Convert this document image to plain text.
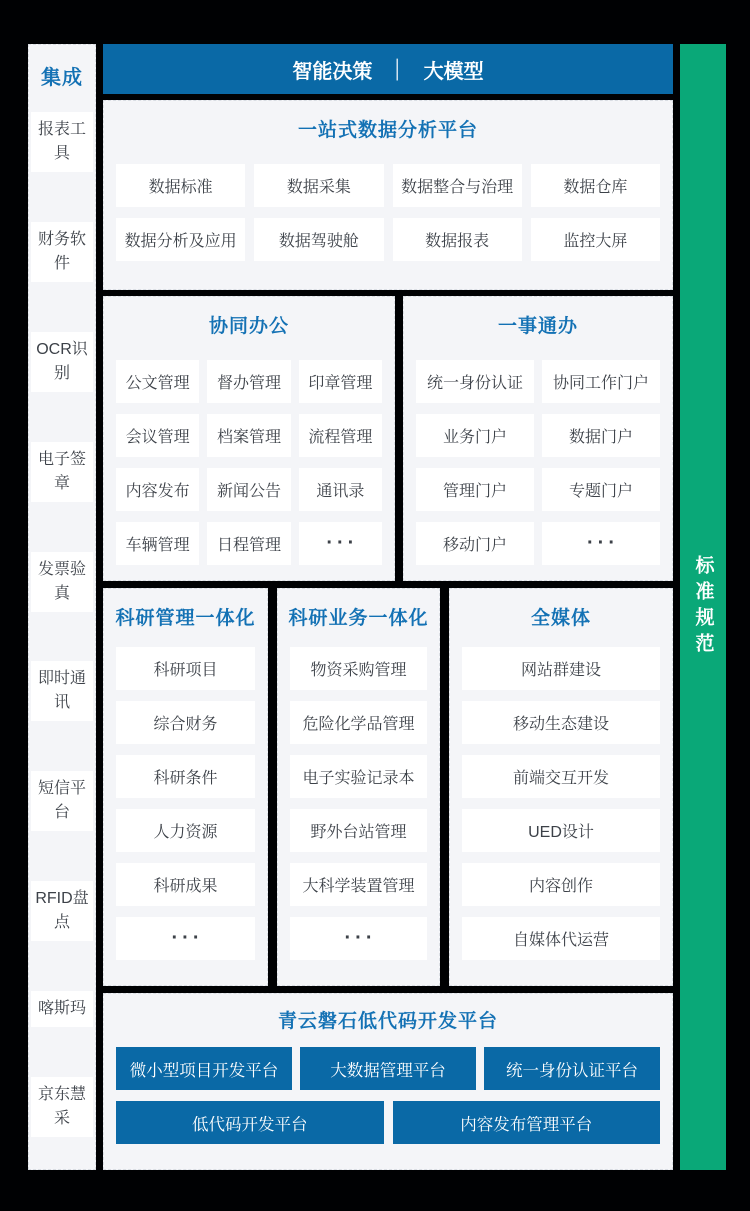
集成
报表工具
财务软件
OCR识别
电子签章
发票验真
即时通讯
短信平台
RFID盘点
喀斯玛
京东慧采
智能决策 │ 大模型
一站式数据分析平台
数据标准	数据采集	数据整合与治理	数据仓库
数据分析及应用	数据驾驶舱	数据报表	监控大屏
协同办公
公文管理	督办管理	印章管理
会议管理	档案管理	流程管理
内容发布	新闻公告	通讯录
车辆管理	日程管理	···
一事通办
统一身份认证	协同工作门户
业务门户	数据门户
管理门户	专题门户
移动门户	···
科研管理一体化
科研项目
综合财务
科研条件
人力资源
科研成果
···
科研业务一体化
物资采购管理
危险化学品管理
电子实验记录本
野外台站管理
大科学装置管理
···
全媒体
网站群建设
移动生态建设
前端交互开发
UED设计
内容创作
自媒体代运营
青云磐石低代码开发平台
微小型项目开发平台	大数据管理平台	统一身份认证平台
低代码开发平台	内容发布管理平台
标准规范
